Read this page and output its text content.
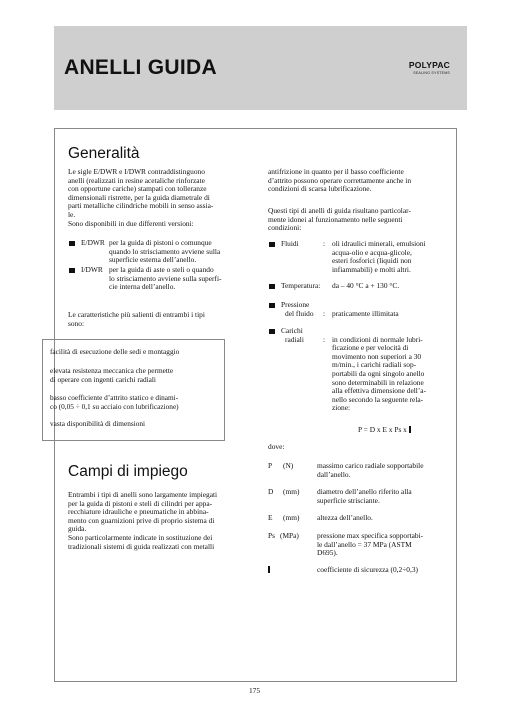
ANELLI GUIDA	POLYPAC
SEALING SYSTEMS
Generalità

Le sigle E/DWR e I/DWR contraddistinguono

anelli (realizzati in resine acetaliche rinforzate

con opportune cariche) stampati con tolleranze

dimensionali ristrette, per la guida diametrale di

parti metalliche cilindriche mobili in senso assia-

le.

Sono disponibili in due differenti versioni:

E/DWR per la guida di pistoni o comunque

quando lo strisciamento avviene sulla

superficie esterna dell’anello.

I/DWR per la guida di aste o steli o quando

lo strisciamento avviene sulla superfi-

cie interna dell’anello.

Le caratteristiche più salienti di entrambi i tipi

sono:

Campi di impiego

Entrambi i tipi di anelli sono largamente impiegati

per la guida di pistoni e steli di cilindri per appa-

recchiature idrauliche e pneumatiche in abbina-

mento con guarnizioni prive di proprio sistema di

guida.

Sono particolarmente indicate in sostituzione dei

tradizionali sistemi di guida realizzati con metalli

antifrizione in quanto per il basso coefficiente

d’attrito possono operare correttamente anche in

condizioni di scarsa lubrificazione.

Questi tipi di anelli di guida risultano particolar-

mente idonei al funzionamento nelle seguenti

condizioni:

Fluidi	: oli idraulici minerali, emulsioni

acqua-olio e acqua-glicole,

esteri fosforici (liquidi non

infiammabili) e molti altri.

Temperatura: da – 40 °C a + 130 °C.
Pressione
del fluido : praticamente illimitata
Carichi
radiali	: in condizioni di normale lubri-

ficazione e per velocità di

movimento non superiori a 30

m/min., i carichi radiali sop-

portabili da ogni singolo anello

sono determinabili in relazione

alla effettiva dimensione dell’a-

nello secondo la seguente rela-

zione:

P = D x E x Ps x
dove:
P (N)	massimo carico radiale sopportabile

dall’anello.

D (mm) diametro dell’anello riferito alla

superficie strisciante.

E (mm) altezza dell’anello.

Ps (MPa) pressione max specifica sopportabi-

le dall’anello = 37 MPa (ASTM

D695).

coefficiente di sicurezza (0,2÷0,3)

facilità di esecuzione delle sedi e montaggio
elevata resistenza meccanica che permette
di operare con ingenti carichi radiali
basso coefficiente d’attrito statico e dinami-
co (0,05 ÷ 0,1 su acciaio con lubrificazione)
vasta disponibilità di dimensioni
175
